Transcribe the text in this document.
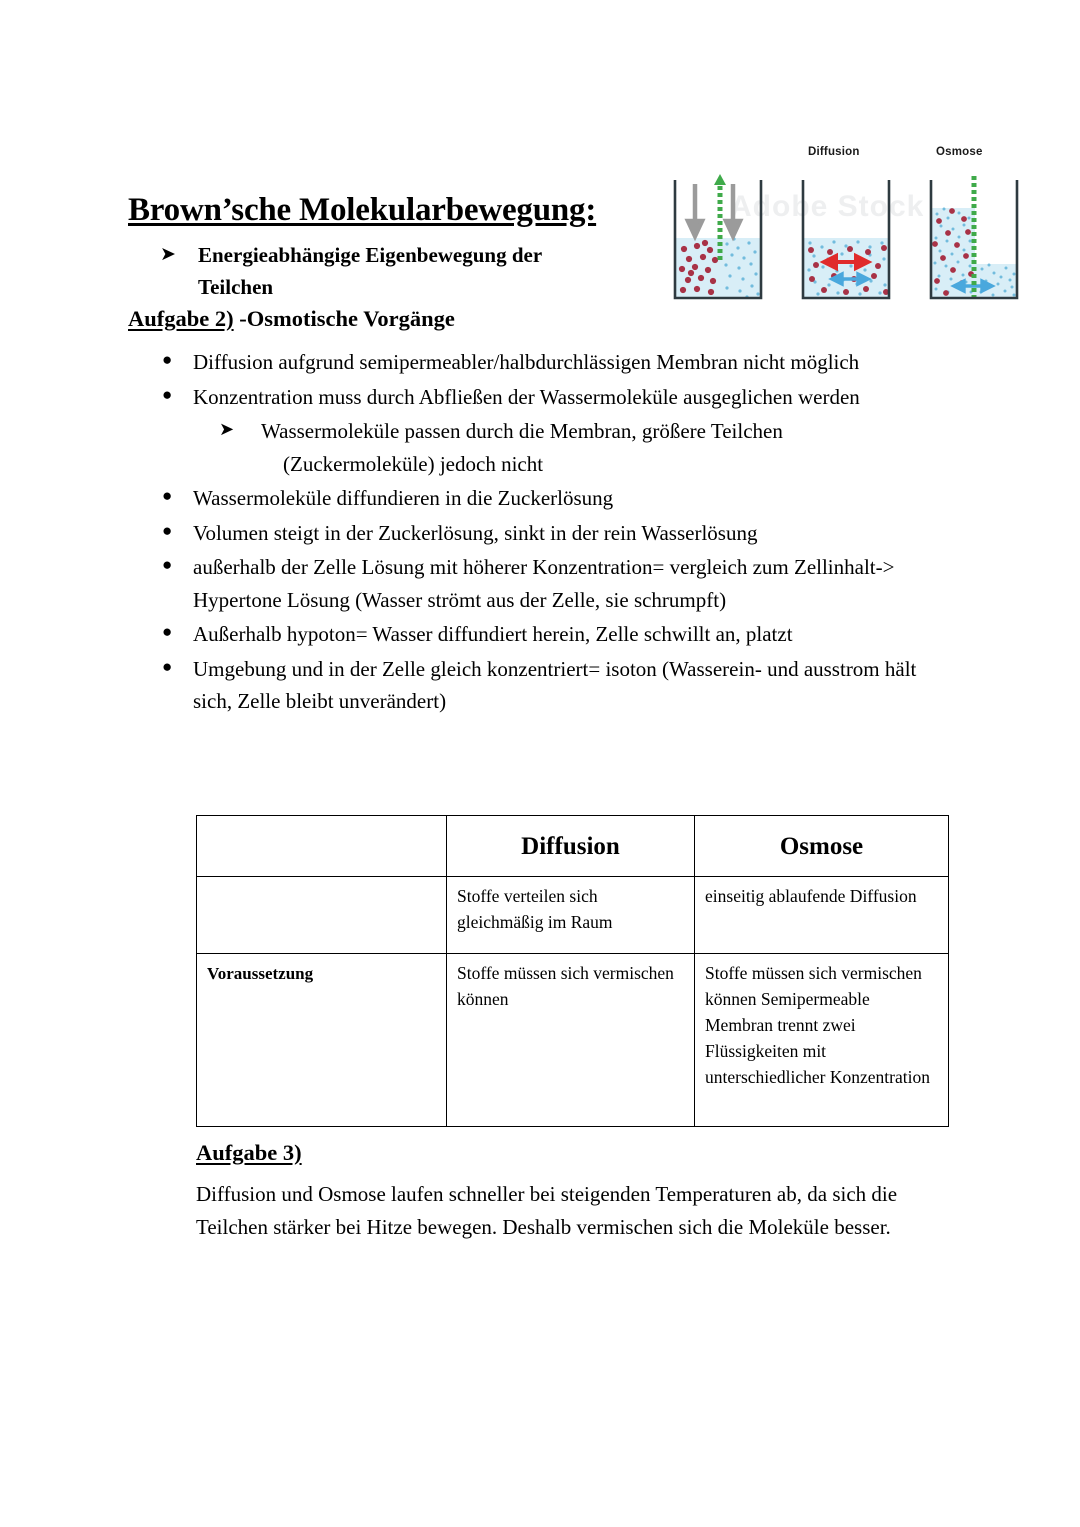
Adobe Stock
Diffusion	Osmose
Brown’sche Molekularbewegung:
➤ Energieabhängige Eigenbewegung der Teilchen
Aufgabe 2) -Osmotische Vorgänge
● Diffusion aufgrund semipermeabler/halbdurchlässigen Membran nicht möglich
● Konzentration muss durch Abfließen der Wassermoleküle ausgeglichen werden
➤ Wassermoleküle passen durch die Membran, größere Teilchen
(Zuckermoleküle) jedoch nicht
● Wassermoleküle diffundieren in die Zuckerlösung
● Volumen steigt in der Zuckerlösung, sinkt in der rein Wasserlösung
● außerhalb der Zelle Lösung mit höherer Konzentration= vergleich zum Zellinhalt-> Hypertone Lösung (Wasser strömt aus der Zelle, sie schrumpft)
● Außerhalb hypoton= Wasser diffundiert herein, Zelle schwillt an, platzt
● Umgebung und in der Zelle gleich konzentriert= isoton (Wasserein- und ausstrom hält sich, Zelle bleibt unverändert)
	Diffusion	Osmose
	Stoffe verteilen sich gleichmäßig im Raum	einseitig ablaufende Diffusion
Voraussetzung	Stoffe müssen sich vermischen können	Stoffe müssen sich vermischen können Semipermeable Membran trennt zwei Flüssigkeiten mit unterschiedlicher Konzentration
Aufgabe 3)

Diffusion und Osmose laufen schneller bei steigenden Temperaturen ab, da sich die Teilchen stärker bei Hitze bewegen. Deshalb vermischen sich die Moleküle besser.
